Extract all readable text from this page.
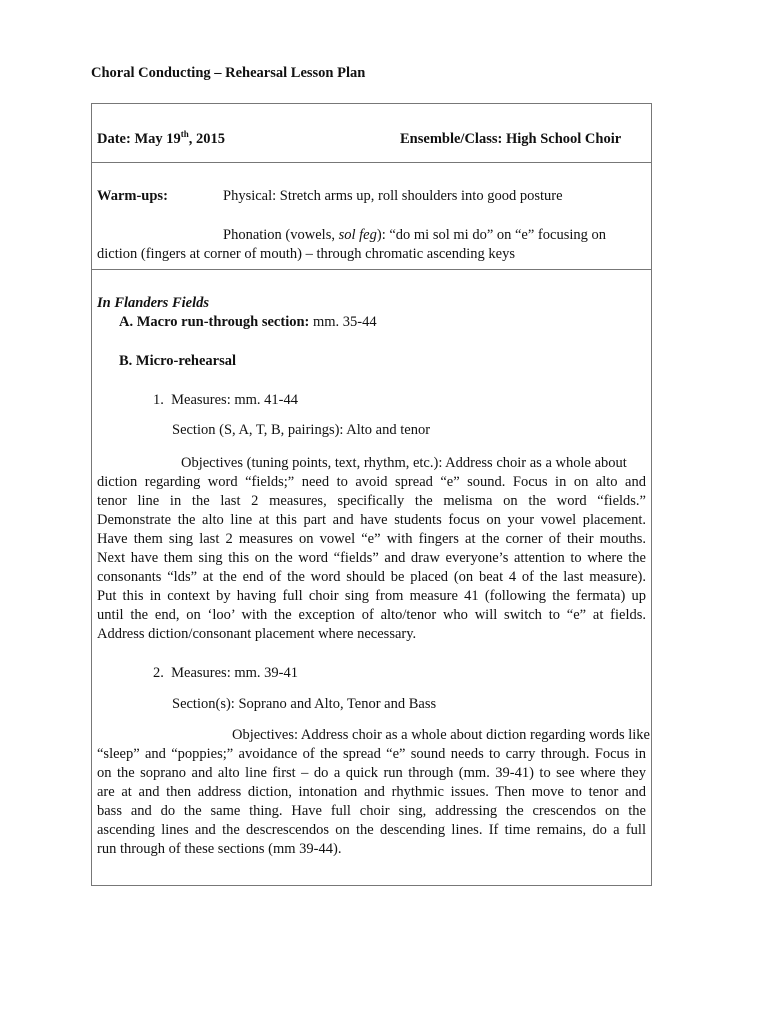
Choral Conducting – Rehearsal Lesson Plan
Date: May 19th, 2015	Ensemble/Class: High School Choir
Warm-ups:	Physical: Stretch arms up, roll shoulders into good posture
Phonation (vowels, sol feg): “do mi sol mi do” on “e” focusing on
diction (fingers at corner of mouth) – through chromatic ascending keys
In Flanders Fields
A. Macro run-through section: mm. 35-44
B. Micro-rehearsal
1. Measures: mm. 41-44
Section (S, A, T, B, pairings): Alto and tenor
Objectives (tuning points, text, rhythm, etc.): Address choir as a whole about
diction regarding word “fields;” need to avoid spread “e” sound. Focus in on alto and
tenor line in the last 2 measures, specifically the melisma on the word “fields.”
Demonstrate the alto line at this part and have students focus on your vowel placement.
Have them sing last 2 measures on vowel “e” with fingers at the corner of their mouths.
Next have them sing this on the word “fields” and draw everyone’s attention to where the
consonants “lds” at the end of the word should be placed (on beat 4 of the last measure).
Put this in context by having full choir sing from measure 41 (following the fermata) up
until the end, on ‘loo’ with the exception of alto/tenor who will switch to “e” at fields.
Address diction/consonant placement where necessary.
2. Measures: mm. 39-41
Section(s): Soprano and Alto, Tenor and Bass
Objectives: Address choir as a whole about diction regarding words like
“sleep” and “poppies;” avoidance of the spread “e” sound needs to carry through. Focus in
on the soprano and alto line first – do a quick run through (mm. 39-41) to see where they
are at and then address diction, intonation and rhythmic issues. Then move to tenor and
bass and do the same thing. Have full choir sing, addressing the crescendos on the
ascending lines and the descrescendos on the descending lines. If time remains, do a full
run through of these sections (mm 39-44).
